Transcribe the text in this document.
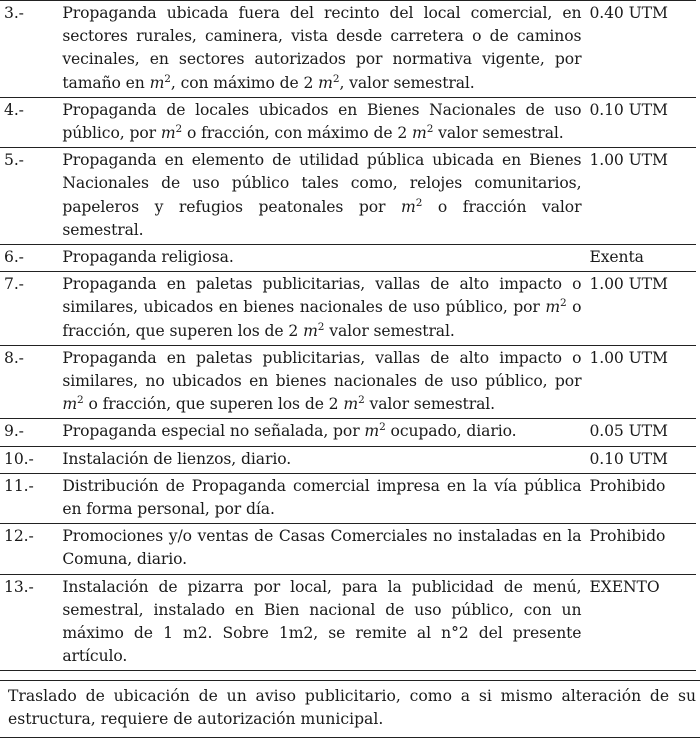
3.-	Propaganda ubicada fuera del recinto del local comercial, en sectores rurales, caminera, vista desde carretera o de caminos vecinales, en sectores autorizados por normativa vigente, por tamaño en $m^2$, con máximo de 2 $m^2$, valor semestral.	0.40 UTM
4.-	Propaganda de locales ubicados en Bienes Nacionales de uso público, por $m^2$ o fracción, con máximo de 2 $m^2$ valor semestral.	0.10 UTM
5.-	Propaganda en elemento de utilidad pública ubicada en Bienes Nacionales de uso público tales como, relojes comunitarios, papeleros y refugios peatonales por $m^2$ o fracción valor semestral.	1.00 UTM
6.-	Propaganda religiosa.	Exenta
7.-	Propaganda en paletas publicitarias, vallas de alto impacto o similares, ubicados en bienes nacionales de uso público, por $m^2$ o fracción, que superen los de 2 $m^2$ valor semestral.	1.00 UTM
8.-	Propaganda en paletas publicitarias, vallas de alto impacto o similares, no ubicados en bienes nacionales de uso público, por $m^2$ o fracción, que superen los de 2 $m^2$ valor semestral.	1.00 UTM
9.-	Propaganda especial no señalada, por $m^2$ ocupado, diario.	0.05 UTM
10.-	Instalación de lienzos, diario.	0.10 UTM
11.-	Distribución de Propaganda comercial impresa en la vía pública en forma personal, por día.	Prohibido
12.-	Promociones y/o ventas de Casas Comerciales no instaladas en la Comuna, diario.	Prohibido
13.-	Instalación de pizarra por local, para la publicidad de menú, semestral, instalado en Bien nacional de uso público, con un máximo de 1 m2. Sobre 1m2, se remite al n°2 del presente artículo.	EXENTO
Traslado de ubicación de un aviso publicitario, como a si mismo alteración de su estructura, requiere de autorización municipal.
